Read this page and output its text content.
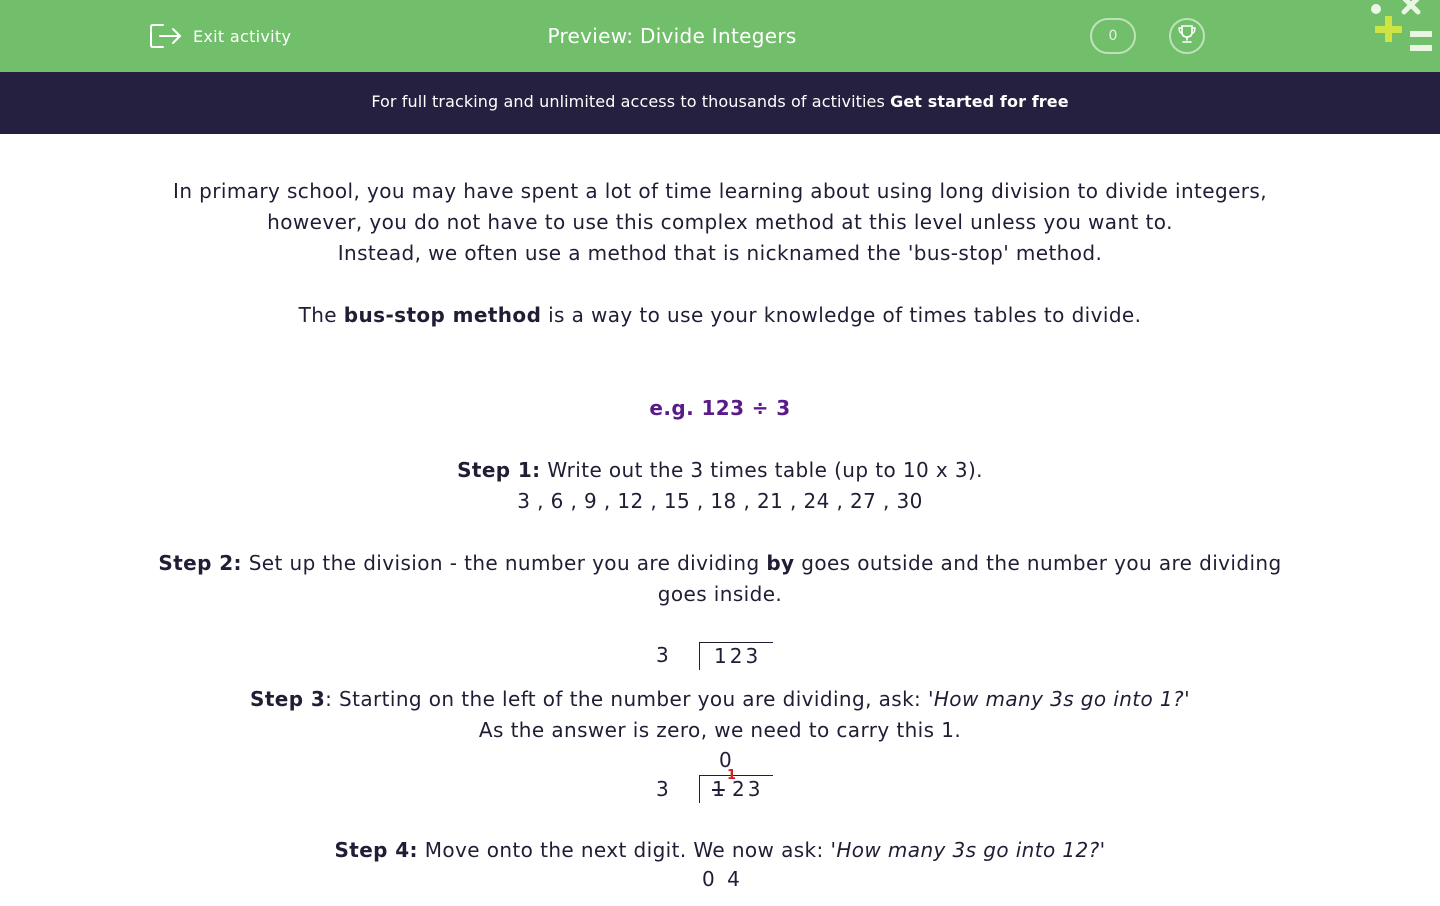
Exit activity	Preview: Divide Integers	0
For full tracking and unlimited access to thousands of activities Get started for free

In primary school, you may have spent a lot of time learning about using long division to divide integers,

however, you do not have to use this complex method at this level unless you want to.

Instead, we often use a method that is nicknamed the 'bus-stop' method.

The bus-stop method is a way to use your knowledge of times tables to divide.

e.g. 123 ÷ 3

Step 1: Write out the 3 times table (up to 10 x 3).

3 , 6 , 9 , 12 , 15 , 18 , 21 , 24 , 27 , 30

Step 2: Set up the division - the number you are dividing by goes outside and the number you are dividing
goes inside.

3 123

Step 3: Starting on the left of the number you are dividing, ask: 'How many 3s go into 1?'

As the answer is zero, we need to carry this 1.

0
3 1
1
23

Step 4: Move onto the next digit. We now ask: 'How many 3s go into 12?'

0 4
